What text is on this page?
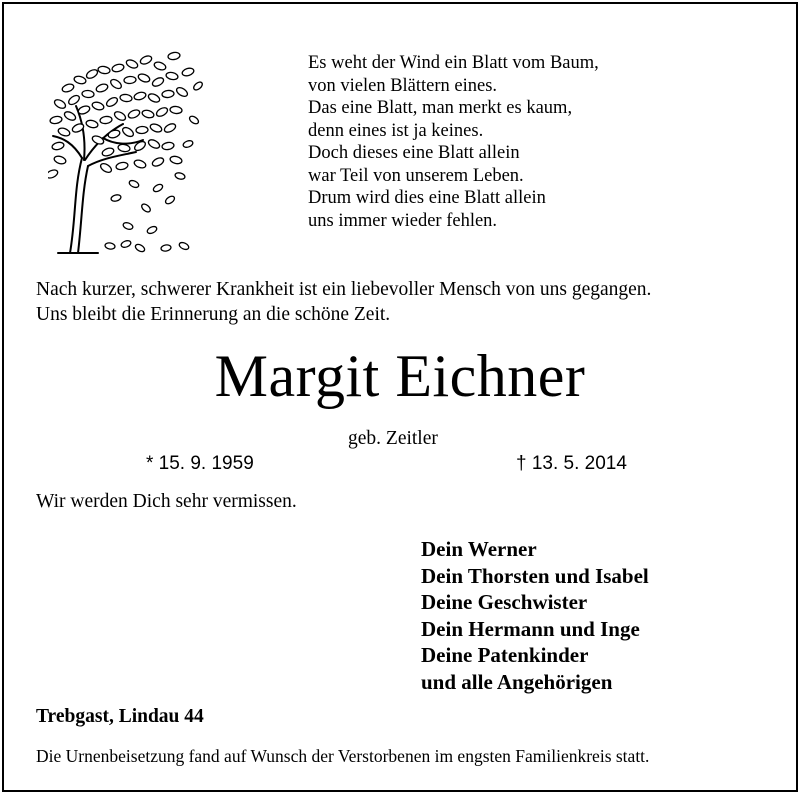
Es weht der Wind ein Blatt vom Baum,
von vielen Blättern eines.
Das eine Blatt, man merkt es kaum,
denn eines ist ja keines.
Doch dieses eine Blatt allein
war Teil von unserem Leben.
Drum wird dies eine Blatt allein
uns immer wieder fehlen.
Nach kurzer, schwerer Krankheit ist ein liebevoller Mensch von uns gegangen.
Uns bleibt die Erinnerung an die schöne Zeit.
Margit Eichner
geb. Zeitler
* 15. 9. 1959	† 13. 5. 2014
Wir werden Dich sehr vermissen.
Dein Werner
Dein Thorsten und Isabel
Deine Geschwister
Dein Hermann und Inge
Deine Patenkinder
und alle Angehörigen
Trebgast, Lindau 44
Die Urnenbeisetzung fand auf Wunsch der Verstorbenen im engsten Familienkreis statt.
